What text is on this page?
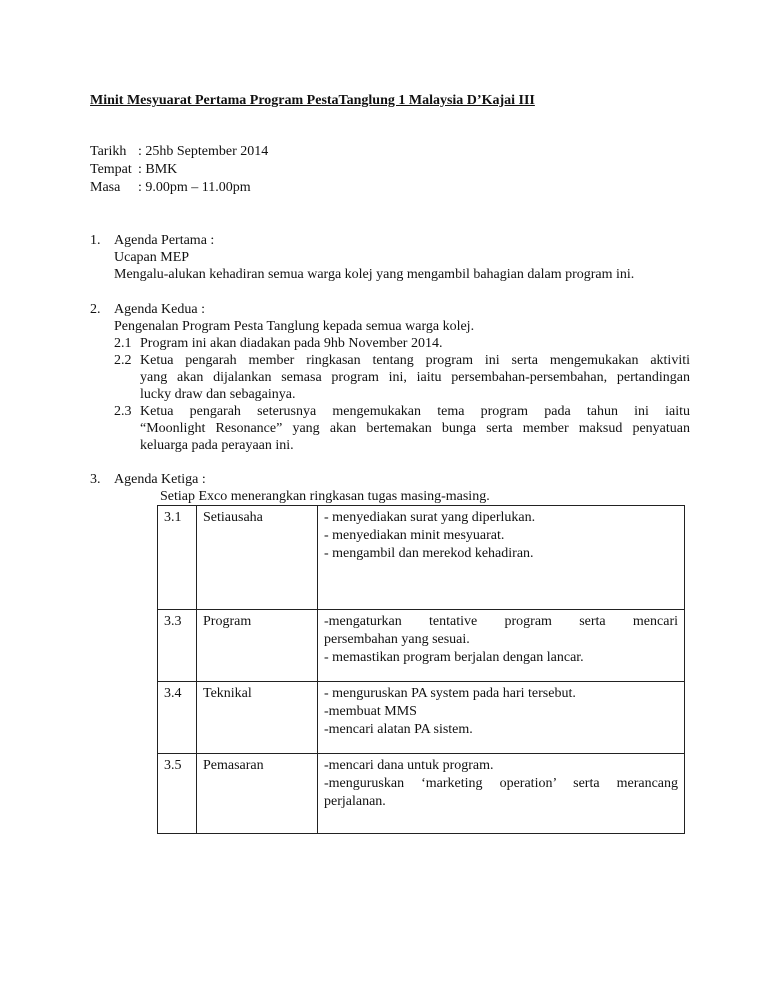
Minit Mesyuarat Pertama Program PestaTanglung 1 Malaysia D’Kajai III
Tarikh : 25hb September 2014
Tempat : BMK
Masa	: 9.00pm – 11.00pm
1. Agenda Pertama :
Ucapan MEP
Mengalu-alukan kehadiran semua warga kolej yang mengambil bahagian dalam program ini.
2. Agenda Kedua :
Pengenalan Program Pesta Tanglung kepada semua warga kolej.
2.1 Program ini akan diadakan pada 9hb November 2014.
2.2 Ketua pengarah member ringkasan tentang program ini serta mengemukakan aktiviti
yang akan dijalankan semasa program ini, iaitu persembahan-persembahan, pertandingan
lucky draw dan sebagainya.
2.3 Ketua pengarah seterusnya mengemukakan tema program pada tahun ini iaitu
“Moonlight Resonance” yang akan bertemakan bunga serta member maksud penyatuan
keluarga pada perayaan ini.
3. Agenda Ketiga :
Setiap Exco menerangkan ringkasan tugas masing-masing.
3.1	Setiausaha	- menyediakan surat yang diperlukan.
- menyediakan minit mesyuarat.
- mengambil dan merekod kehadiran.

3.3	Program	-mengaturkan tentative program serta mencari
persembahan yang sesuai.
- memastikan program berjalan dengan lancar.

3.4	Teknikal	- menguruskan PA system pada hari tersebut.
-membuat MMS
-mencari alatan PA sistem.

3.5	Pemasaran	-mencari dana untuk program.
-menguruskan ‘marketing operation’ serta merancang
perjalanan.
